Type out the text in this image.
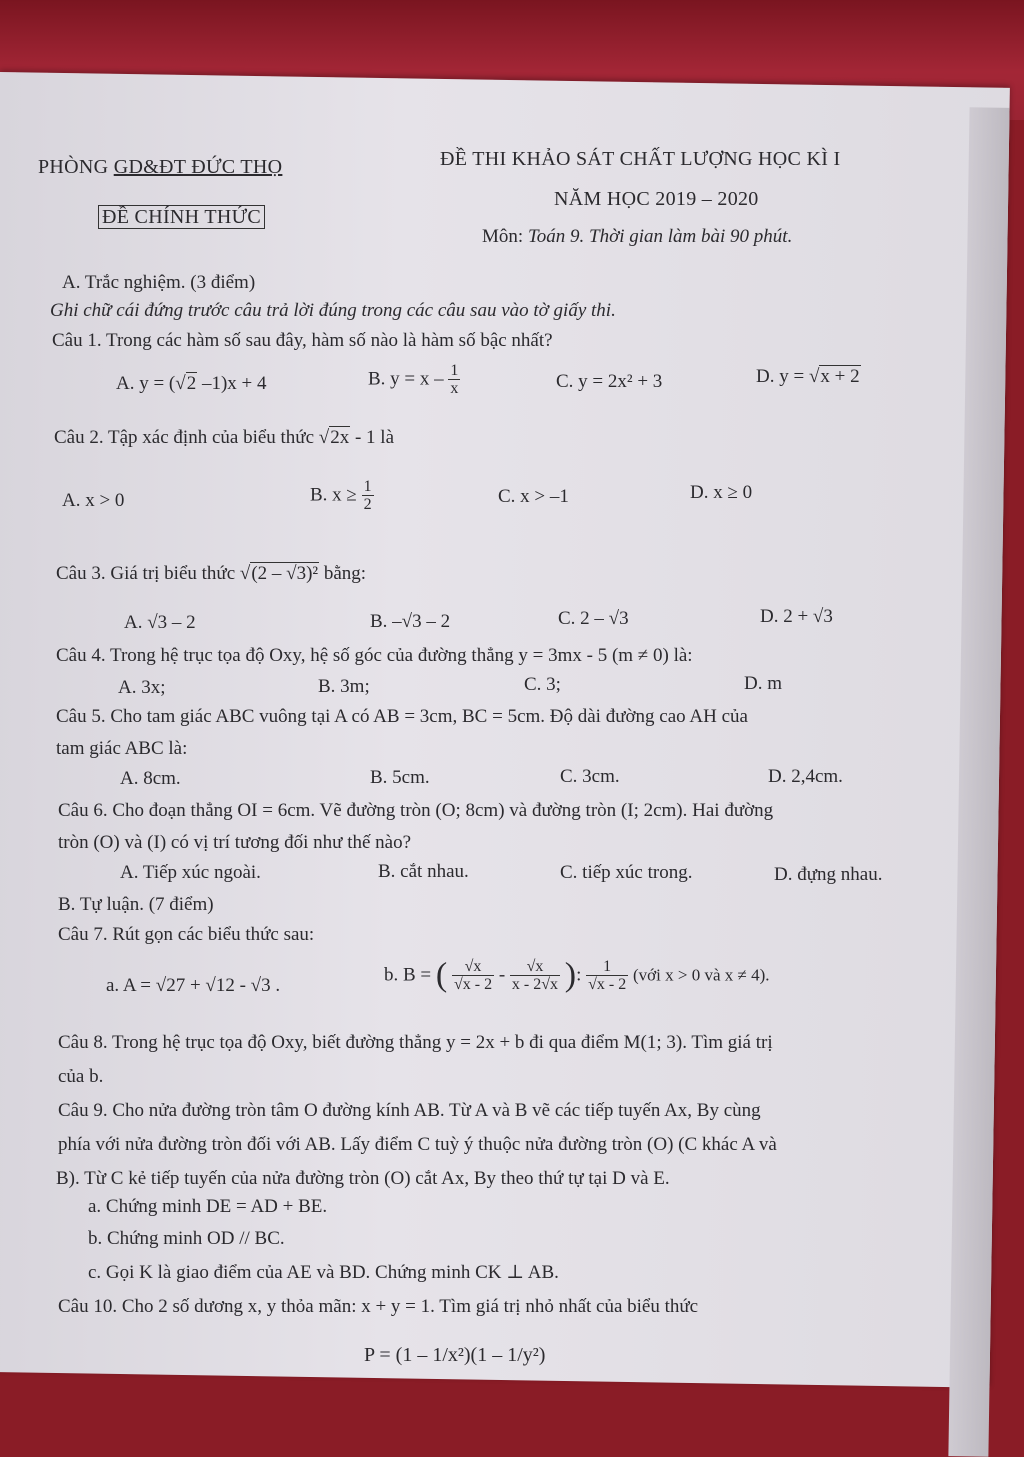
PHÒNG GD&ĐT ĐỨC THỌ
ĐỀ CHÍNH THỨC
ĐỀ THI KHẢO SÁT CHẤT LƯỢNG HỌC KÌ I
NĂM HỌC 2019 – 2020
Môn: Toán 9. Thời gian làm bài 90 phút.
A. Trắc nghiệm. (3 điểm)
Ghi chữ cái đứng trước câu trả lời đúng trong các câu sau vào tờ giấy thi.
Câu 1. Trong các hàm số sau đây, hàm số nào là hàm số bậc nhất?
A. y = (√2 –1)x + 4	B. $y = x - \frac{1}{x}$	C. y = 2x² + 3	D. y = √x + 2
Câu 2. Tập xác định của biểu thức √2x - 1 là
A. x > 0	B. $x \ge \frac{1}{2}$	C. x > –1	D. x ≥ 0
Câu 3. Giá trị biểu thức √(2 – √3)² bằng:
A. √3 – 2	B. –√3 – 2	C. 2 – √3	D. 2 + √3
Câu 4. Trong hệ trục tọa độ Oxy, hệ số góc của đường thẳng y = 3mx - 5 (m ≠ 0) là:
A. 3x;	B. 3m;	C. 3;	D. m
Câu 5. Cho tam giác ABC vuông tại A có AB = 3cm, BC = 5cm. Độ dài đường cao AH của
tam giác ABC là:
A. 8cm.	B. 5cm.	C. 3cm.	D. 2,4cm.
Câu 6. Cho đoạn thẳng OI = 6cm. Vẽ đường tròn (O; 8cm) và đường tròn (I; 2cm). Hai đường
tròn (O) và (I) có vị trí tương đối như thế nào?
A. Tiếp xúc ngoài.	B. cắt nhau.	C. tiếp xúc trong.	D. đựng nhau.
B. Tự luận. (7 điểm)
Câu 7. Rút gọn các biểu thức sau:
a. A = √27 + √12 - √3 .	b. B = ( $\frac{√x}{√x - 2} - \frac{√x}{x - 2√x}$ ): $\frac{1}{√x - 2}$ (với x > 0 và x ≠ 4).
Câu 8. Trong hệ trục tọa độ Oxy, biết đường thẳng y = 2x + b đi qua điểm M(1; 3). Tìm giá trị
của b.
Câu 9. Cho nửa đường tròn tâm O đường kính AB. Từ A và B vẽ các tiếp tuyến Ax, By cùng
phía với nửa đường tròn đối với AB. Lấy điểm C tuỳ ý thuộc nửa đường tròn (O) (C khác A và
B). Từ C kẻ tiếp tuyến của nửa đường tròn (O) cắt Ax, By theo thứ tự tại D và E.
a. Chứng minh DE = AD + BE.
b. Chứng minh OD // BC.
c. Gọi K là giao điểm của AE và BD. Chứng minh CK ⊥ AB.
Câu 10. Cho 2 số dương x, y thỏa mãn: x + y = 1. Tìm giá trị nhỏ nhất của biểu thức
P = (1 – 1/x²)(1 – 1/y²)
